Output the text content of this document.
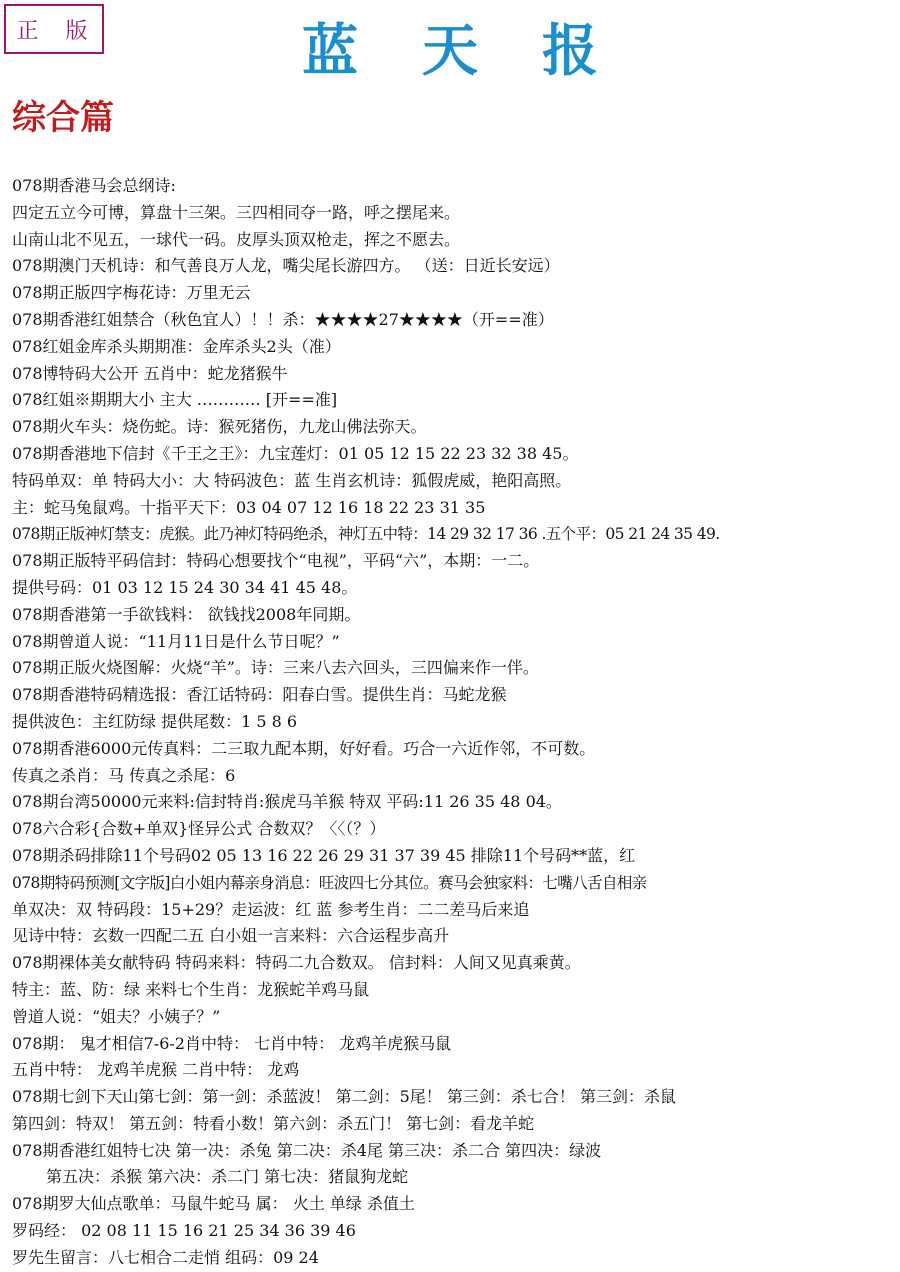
正 版	蓝天报
综合篇
078期香港马会总纲诗:
四定五立今可博，算盘十三架。三四相同夺一路，呼之摆尾来。
山南山北不见五，一球代一码。皮厚头顶双枪走，挥之不愿去。
078期澳门天机诗：和气善良万人龙，嘴尖尾长游四方。 （送：日近长安远）
078期正版四字梅花诗：万里无云
078期香港红姐禁合（秋色宜人）！！杀：★★★★27★★★★（开==准）
078红姐金库杀头期期准：金库杀头2头（准）
078博特码大公开 五肖中：蛇龙猪猴牛
078红姐※期期大小 主大 ………… [开==准]
078期火车头：烧伤蛇。诗：猴死猪伤，九龙山佛法弥天。
078期香港地下信封《千王之王》：九宝莲灯：01 05 12 15 22 23 32 38 45。
特码单双：单 特码大小：大 特码波色：蓝 生肖玄机诗：狐假虎威，艳阳高照。
主：蛇马兔鼠鸡。十指平天下：03 04 07 12 16 18 22 23 31 35
078期正版神灯禁支：虎猴。此乃神灯特码绝杀，神灯五中特：14 29 32 17 36 .五个平：05 21 24 35 49.
078期正版特平码信封：特码心想要找个“电视”，平码“六”，本期：一二。
提供号码：01 03 12 15 24 30 34 41 45 48。
078期香港第一手欲钱料： 欲钱找2008年同期。
078期曾道人说：“11月11日是什么节日呢？”
078期正版火烧图解：火烧“羊”。诗：三来八去六回头，三四偏来作一伴。
078期香港特码精选报：香江话特码：阳春白雪。提供生肖：马蛇龙猴
提供波色：主红防绿 提供尾数：1 5 8 6
078期香港6000元传真料：二三取九配本期，好好看。巧合一六近作邻，不可数。
传真之杀肖：马 传真之杀尾：6
078期台湾50000元来料:信封特肖:猴虎马羊猴 特双 平码:11 26 35 48 04。
078六合彩{合数+单双}怪异公式 合数双？〈〈（？）
078期杀码排除11个号码02 05 13 16 22 26 29 31 37 39 45 排除11个号码**蓝，红
078期特码预测[文字版]白小姐内幕亲身消息：旺波四七分其位。赛马会独家料：七嘴八舌自相亲
单双决：双 特码段：15+29？走运波：红 蓝 参考生肖：二二差马后来追
见诗中特：玄数一四配二五 白小姐一言来料：六合运程步高升
078期裸体美女献特码 特码来料：特码二九合数双。 信封料：人间又见真乘黄。
特主：蓝、防：绿 来料七个生肖：龙猴蛇羊鸡马鼠
曾道人说：“姐夫？小姨子？”
078期： 鬼才相信7-6-2肖中特： 七肖中特： 龙鸡羊虎猴马鼠
五肖中特： 龙鸡羊虎猴 二肖中特： 龙鸡
078期七剑下天山第七剑：第一剑：杀蓝波！ 第二剑：5尾！ 第三剑：杀七合！ 第三剑：杀鼠
第四剑：特双！ 第五剑：特看小数！第六剑：杀五门！ 第七剑：看龙羊蛇
078期香港红姐特七决 第一决：杀兔 第二决：杀4尾 第三决：杀二合 第四决：绿波
第五决：杀猴 第六决：杀二门 第七决：猪鼠狗龙蛇
078期罗大仙点歌单：马鼠牛蛇马 属： 火土 单绿 杀值土
罗码经： 02 08 11 15 16 21 25 34 36 39 46
罗先生留言：八七相合二走悄 组码：09 24
